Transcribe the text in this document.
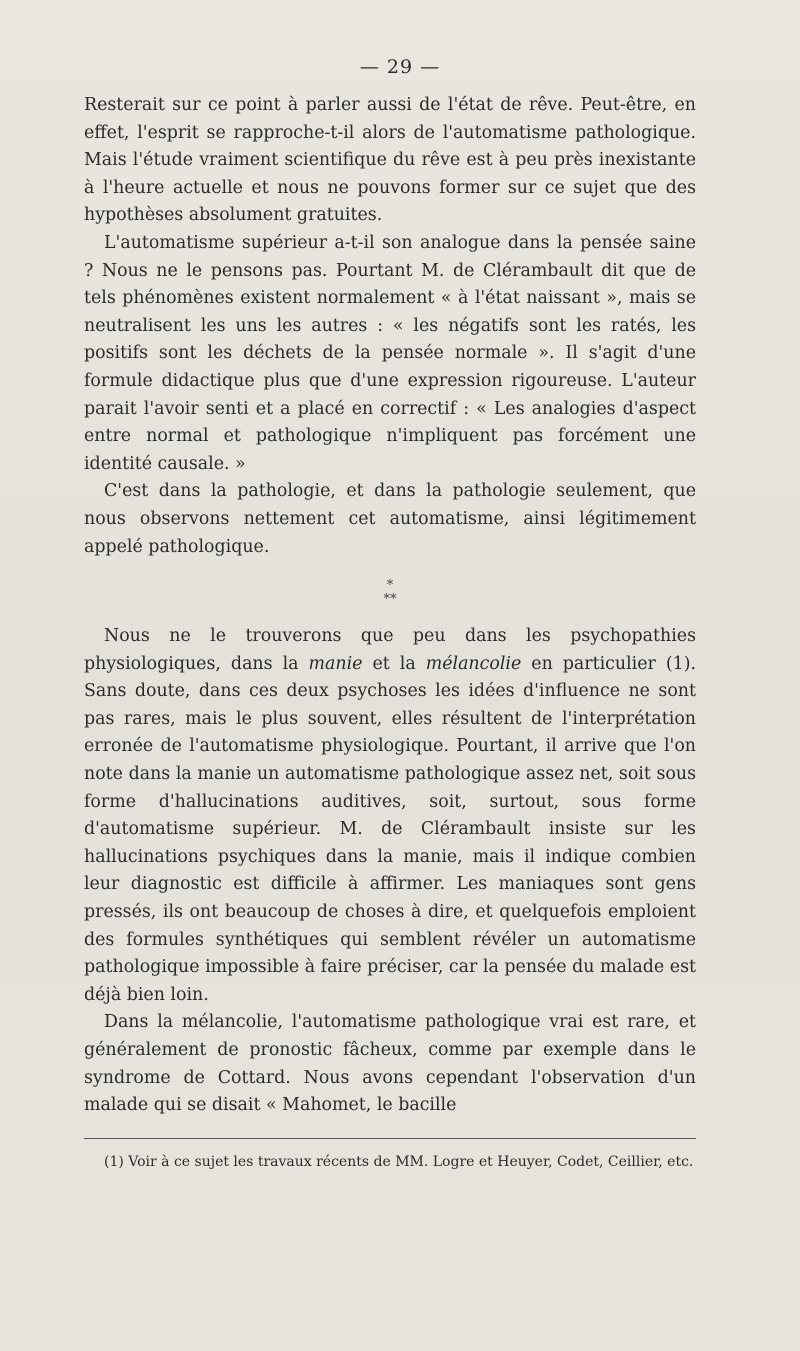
— 29 —

Resterait sur ce point à parler aussi de l'état de rêve. Peut-être, en effet, l'esprit se rapproche-t-il alors de l'automatisme pathologique. Mais l'étude vraiment scientifique du rêve est à peu près inexistante à l'heure actuelle et nous ne pouvons former sur ce sujet que des hypothèses absolument gratuites.

L'automatisme supérieur a-t-il son analogue dans la pensée saine ? Nous ne le pensons pas. Pourtant M. de Clérambault dit que de tels phénomènes existent normalement « à l'état naissant », mais se neutralisent les uns les autres : « les négatifs sont les ratés, les positifs sont les déchets de la pensée normale ». Il s'agit d'une formule didactique plus que d'une expression rigoureuse. L'auteur parait l'avoir senti et a placé en correctif : « Les analogies d'aspect entre normal et pathologique n'impliquent pas forcément une identité causale. »

C'est dans la pathologie, et dans la pathologie seulement, que nous observons nettement cet automatisme, ainsi légitimement appelé pathologique.

*
**

Nous ne le trouverons que peu dans les psychopathies physiologiques, dans la manie et la mélancolie en particulier (1). Sans doute, dans ces deux psychoses les idées d'influence ne sont pas rares, mais le plus souvent, elles résultent de l'interprétation erronée de l'automatisme physiologique. Pourtant, il arrive que l'on note dans la manie un automatisme pathologique assez net, soit sous forme d'hallucinations auditives, soit, surtout, sous forme d'automatisme supérieur. M. de Clérambault insiste sur les hallucinations psychiques dans la manie, mais il indique combien leur diagnostic est difficile à affirmer. Les maniaques sont gens pressés, ils ont beaucoup de choses à dire, et quelquefois emploient des formules synthétiques qui semblent révéler un automatisme pathologique impossible à faire préciser, car la pensée du malade est déjà bien loin.

Dans la mélancolie, l'automatisme pathologique vrai est rare, et généralement de pronostic fâcheux, comme par exemple dans le syndrome de Cottard. Nous avons cependant l'observation d'un malade qui se disait « Mahomet, le bacille

(1) Voir à ce sujet les travaux récents de MM. Logre et Heuyer, Codet, Ceillier, etc.
